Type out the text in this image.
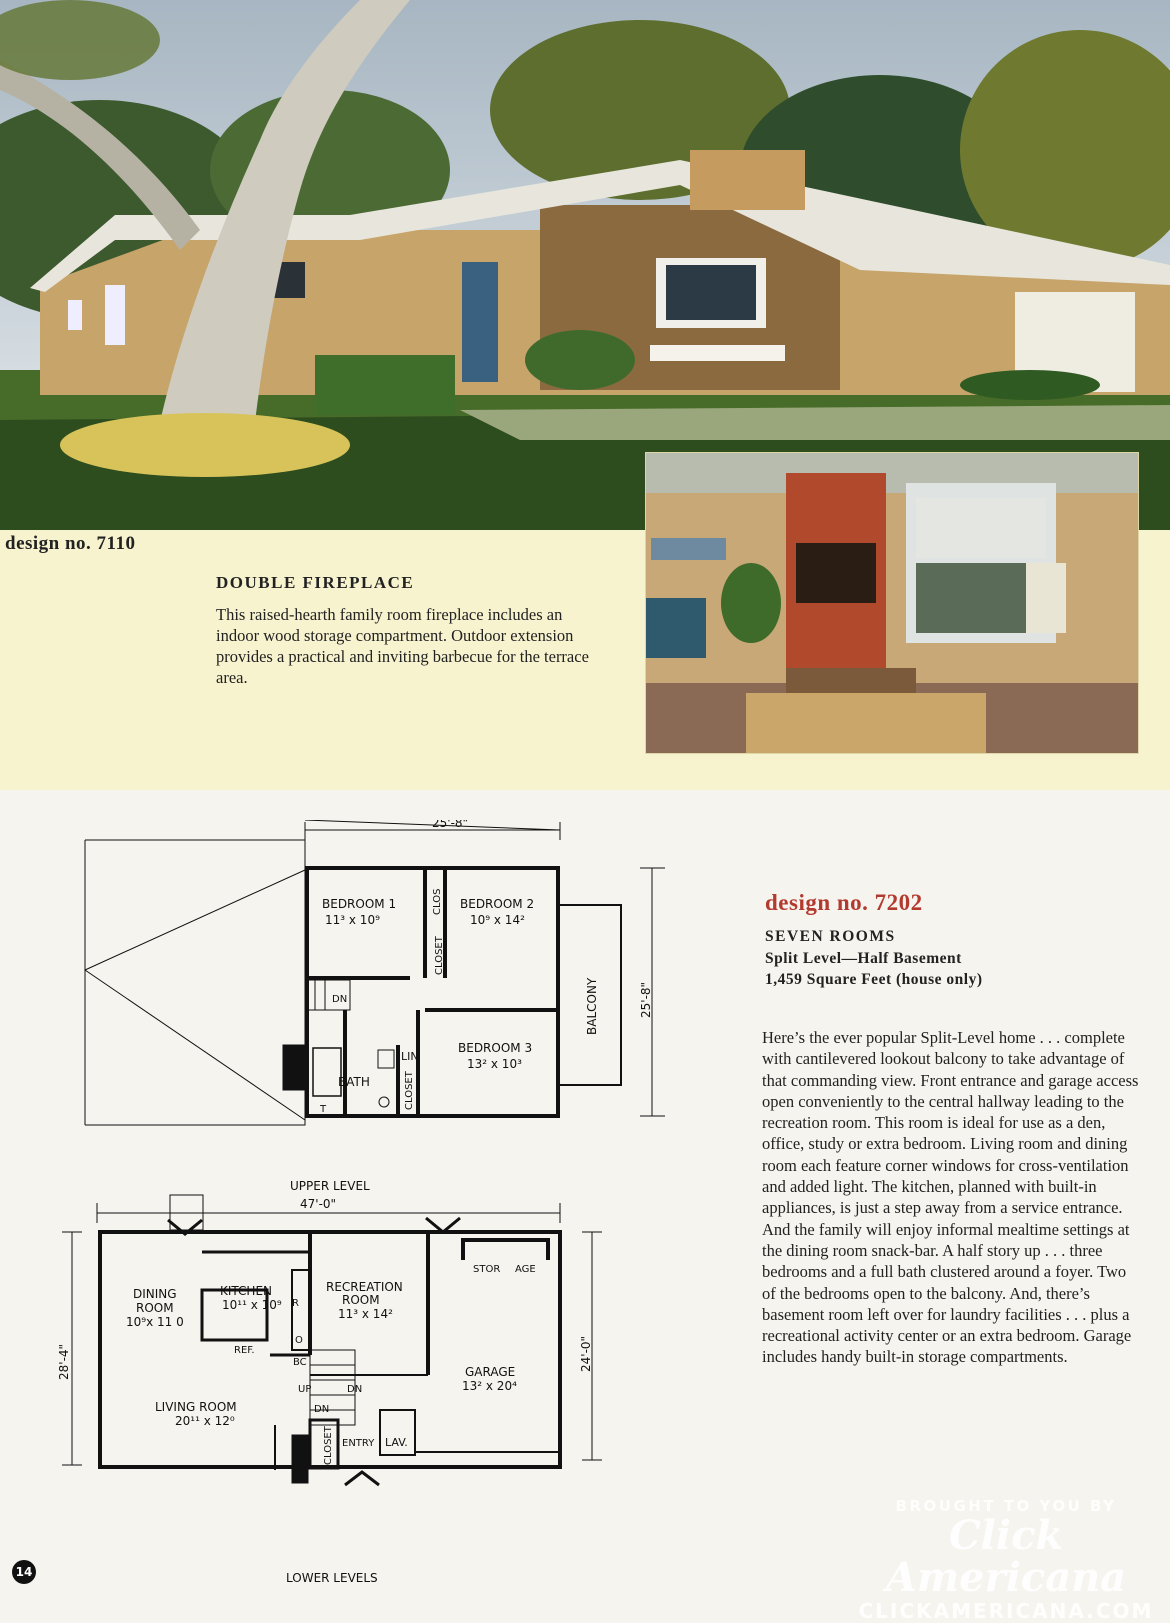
design no. 7110
DOUBLE FIREPLACE
This raised-hearth family room fireplace includes an indoor wood storage compartment. Outdoor extension provides a practical and inviting barbecue for the terrace area.
design no. 7202
SEVEN ROOMS
Split Level—Half Basement
1,459 Square Feet (house only)
Here’s the ever popular Split-Level home . . . complete with cantilevered lookout balcony to take advantage of that commanding view. Front entrance and garage access open conveniently to the central hallway leading to the recreation room. This room is ideal for use as a den, office, study or extra bedroom. Living room and dining room each feature corner windows for cross-ventilation and added light. The kitchen, planned with built-in appliances, is just a step away from a service entrance. And the family will enjoy informal mealtime settings at the dining room snack-bar. A half story up . . . three bedrooms and a full bath clustered around a foyer. Two of the bedrooms open to the balcony. And, there’s basement room left over for laundry facilities . . . plus a recreational activity center or an extra bedroom. Garage includes handy built-in storage compartments.
25'-8"
BEDROOM 1
11³ x 10⁹
BEDROOM 2
10⁹ x 14²
CLOS
CLOSET
DN
BEDROOM 3
13² x 10³
BATH
LIN
CLOSET
T
BALCONY	25'-8"
UPPER LEVEL
47'-0"
DINING
ROOM
10⁹x 11 0
KITCHEN
10¹¹ x 10⁹
RECREATION
ROOM
11³ x 14²
STOR AGE
GARAGE
13² x 20⁴
LIVING ROOM
20¹¹ x 12⁰
REF.
R
O
BC
UP	DN
DN
CLOSET ENTRY LAV.
28'-4"	24'-0"
LOWER LEVELS
14
BROUGHT TO YOU BY
Click Americana
CLICKAMERICANA.COM
